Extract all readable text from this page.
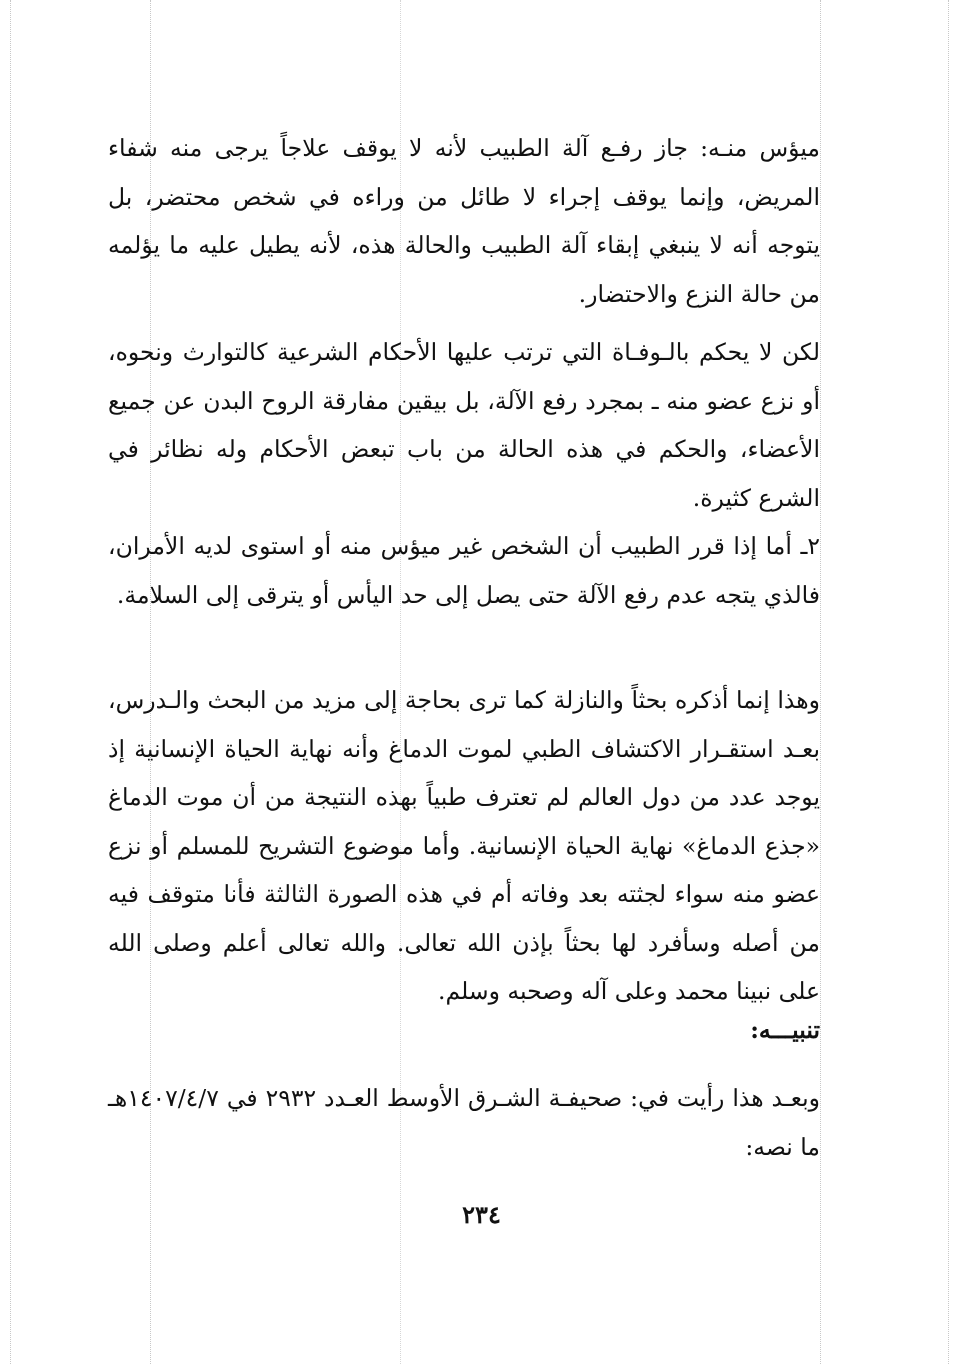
ميؤس منـه: جاز رفـع آلة الطبيب لأنه لا يوقف علاجاً يرجى منه شفاء المريض، وإنما يوقف إجراء لا طائل من وراءه في شخص محتضر، بل يتوجه أنه لا ينبغي إبقاء آلة الطبيب والحالة هذه، لأنه يطيل عليه ما يؤلمه من حالة النزع والاحتضار.

لكن لا يحكم بالـوفـاة التي ترتب عليها الأحكام الشرعية كالتوارث ونحوه، أو نزع عضو منه ـ بمجرد رفع الآلة، بل بيقين مفارقة الروح البدن عن جميع الأعضاء، والحكم في هذه الحالة من باب تبعض الأحكام وله نظائر في الشرع كثيرة.

٢ـ أما إذا قرر الطبيب أن الشخص غير ميؤس منه أو استوى لديه الأمران، فالذي يتجه عدم رفع الآلة حتى يصل إلى حد اليأس أو يترقى إلى السلامة.

وهذا إنما أذكره بحثاً والنازلة كما ترى بحاجة إلى مزيد من البحث والـدرس، بعـد استقـرار الاكتشاف الطبي لموت الدماغ وأنه نهاية الحياة الإنسانية إذ يوجد عدد من دول العالم لم تعترف طبياً بهذه النتيجة من أن موت الدماغ «جذع الدماغ» نهاية الحياة الإنسانية. وأما موضوع التشريح للمسلم أو نزع عضو منه سواء لجثته بعد وفاته أم في هذه الصورة الثالثة فأنا متوقف فيه من أصله وسأفرد لها بحثاً بإذن الله تعالى. والله تعالى أعلم وصلى الله على نبينا محمد وعلى آله وصحبه وسلم.

تنبيـــه:

وبعـد هذا رأيت في: صحيفـة الشـرق الأوسط العـدد ٢٩٣٢ في ١٤٠٧/٤/٧هـ ما نصه:

٢٣٤
